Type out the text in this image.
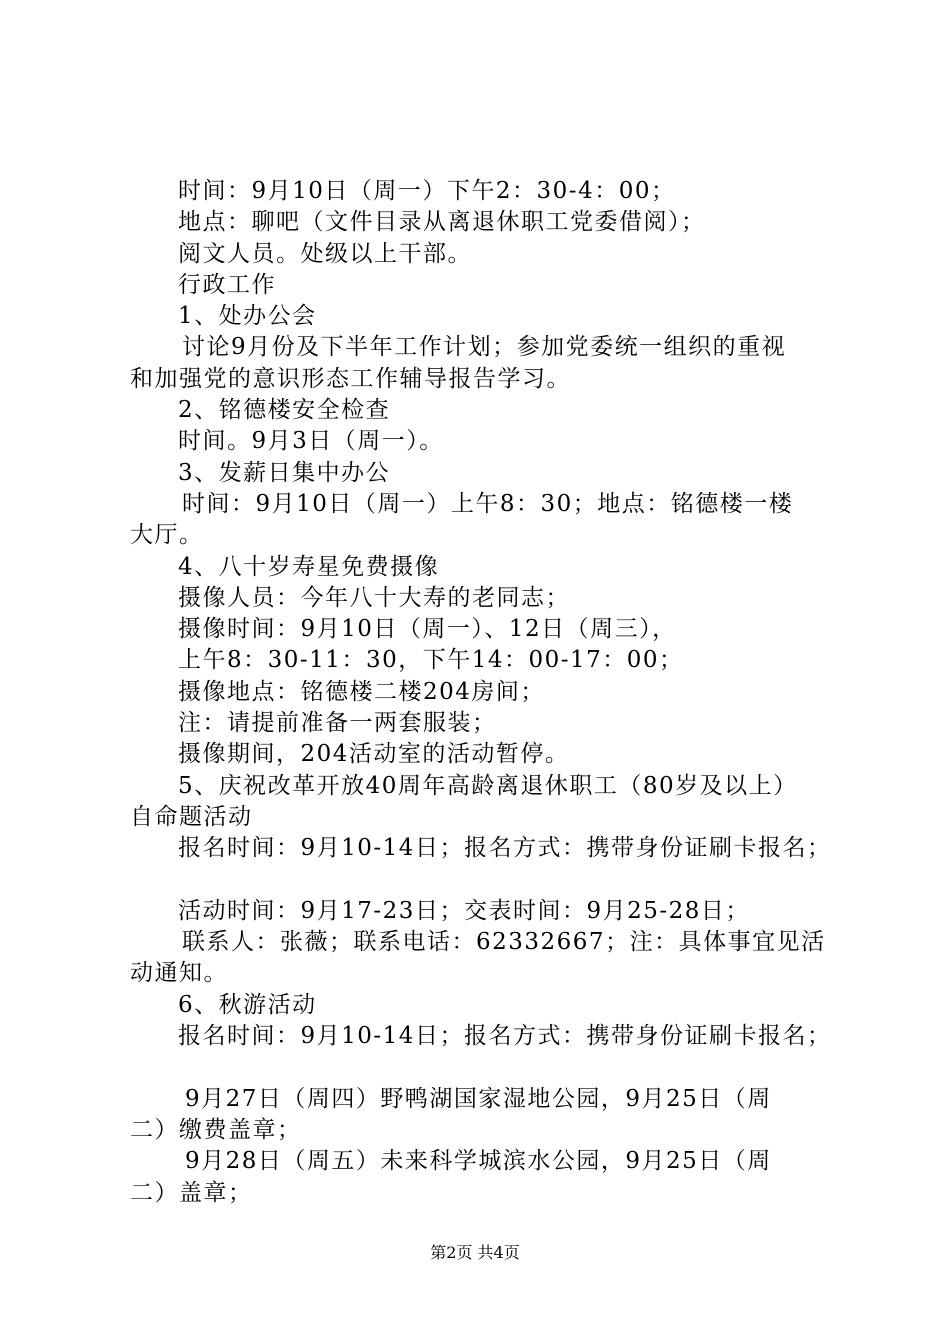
时间：9月10日（周一）下午2：30-4：00；
地点：聊吧（文件目录从离退休职工党委借阅）；
阅文人员。处级以上干部。
行政工作
1、处办公会
讨论9月份及下半年工作计划；参加党委统一组织的重视
和加强党的意识形态工作辅导报告学习。
2、铭德楼安全检查
时间。9月3日（周一）。
3、发薪日集中办公
时间：9月10日（周一）上午8：30；地点：铭德楼一楼
大厅。
4、八十岁寿星免费摄像
摄像人员：今年八十大寿的老同志；
摄像时间：9月10日（周一）、12日（周三），
上午8：30-11：30，下午14：00-17：00；
摄像地点：铭德楼二楼204房间；
注：请提前准备一两套服装；
摄像期间，204活动室的活动暂停。
5、庆祝改革开放40周年高龄离退休职工（80岁及以上）
自命题活动
报名时间：9月10-14日；报名方式：携带身份证刷卡报名；
活动时间：9月17-23日；交表时间：9月25-28日；
联系人：张薇；联系电话：62332667；注：具体事宜见活
动通知。
6、秋游活动
报名时间：9月10-14日；报名方式：携带身份证刷卡报名；
9月27日（周四）野鸭湖国家湿地公园，9月25日（周
二）缴费盖章；
9月28日（周五）未来科学城滨水公园，9月25日（周
二）盖章；
第2页 共4页
